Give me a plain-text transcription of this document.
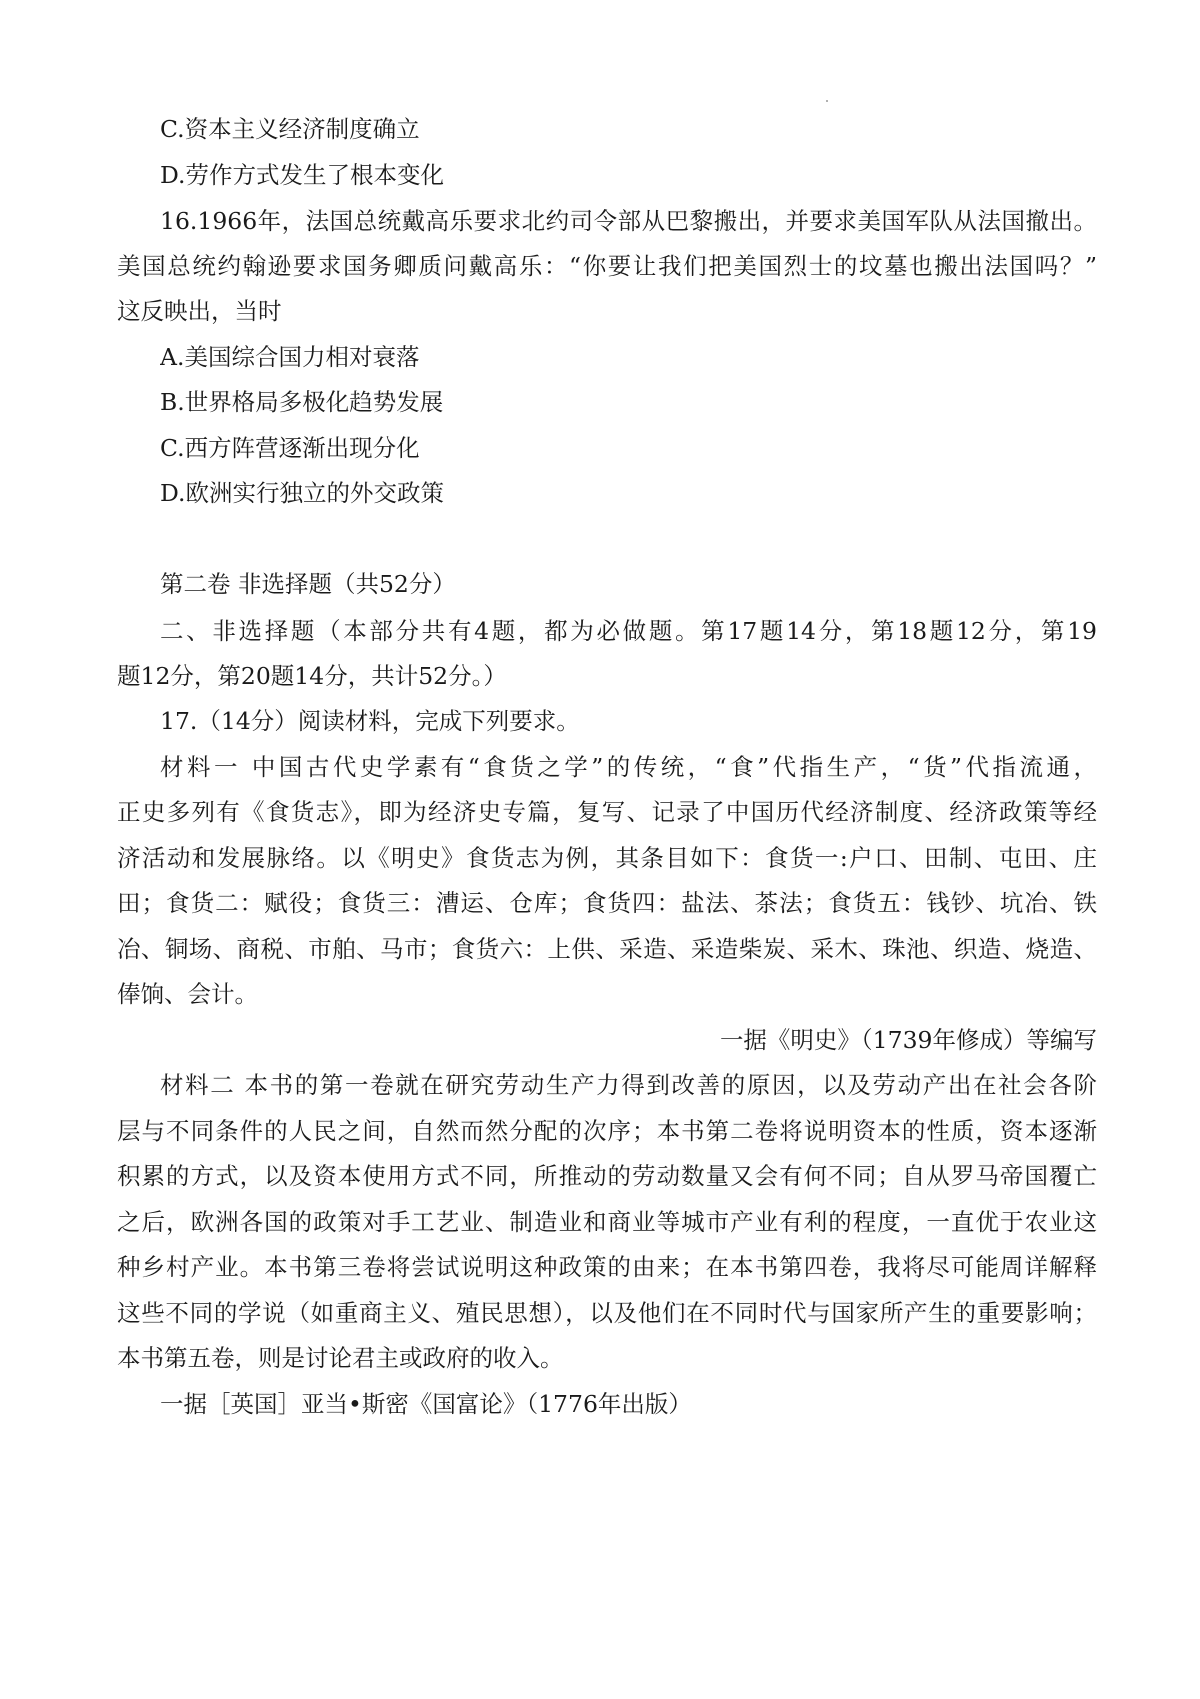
C.资本主义经济制度确立
D.劳作方式发生了根本变化
16.1966年，法国总统戴高乐要求北约司令部从巴黎搬出，并要求美国军队从法国撤出。
美国总统约翰逊要求国务卿质问戴高乐：“你要让我们把美国烈士的坟墓也搬出法国吗？”
这反映出，当时
A.美国综合国力相对衰落
B.世界格局多极化趋势发展
C.西方阵营逐渐出现分化
D.欧洲实行独立的外交政策
第二卷 非选择题（共52分）
二、非选择题（本部分共有4题，都为必做题。第17题14分，第18题12分，第19
题12分，第20题14分，共计52分。）
17.（14分）阅读材料，完成下列要求。
材料一 中国古代史学素有“食货之学”的传统，“食”代指生产，“货”代指流通，
正史多列有《食货志》，即为经济史专篇，复写、记录了中国历代经济制度、经济政策等经
济活动和发展脉络。以《明史》食货志为例，其条目如下：食货一:户口、田制、屯田、庄
田；食货二：赋役；食货三：漕运、仓库；食货四：盐法、茶法；食货五：钱钞、坑冶、铁
冶、铜场、商税、市舶、马市；食货六：上供、采造、采造柴炭、采木、珠池、织造、烧造、
俸饷、会计。
一据《明史》（1739年修成）等编写
材料二 本书的第一卷就在研究劳动生产力得到改善的原因，以及劳动产出在社会各阶
层与不同条件的人民之间，自然而然分配的次序；本书第二卷将说明资本的性质，资本逐渐
积累的方式，以及资本使用方式不同，所推动的劳动数量又会有何不同；自从罗马帝国覆亡
之后，欧洲各国的政策对手工艺业、制造业和商业等城市产业有利的程度，一直优于农业这
种乡村产业。本书第三卷将尝试说明这种政策的由来；在本书第四卷，我将尽可能周详解释
这些不同的学说（如重商主义、殖民思想），以及他们在不同时代与国家所产生的重要影响；
本书第五卷，则是讨论君主或政府的收入。
一据［英国］亚当•斯密《国富论》（1776年出版）
